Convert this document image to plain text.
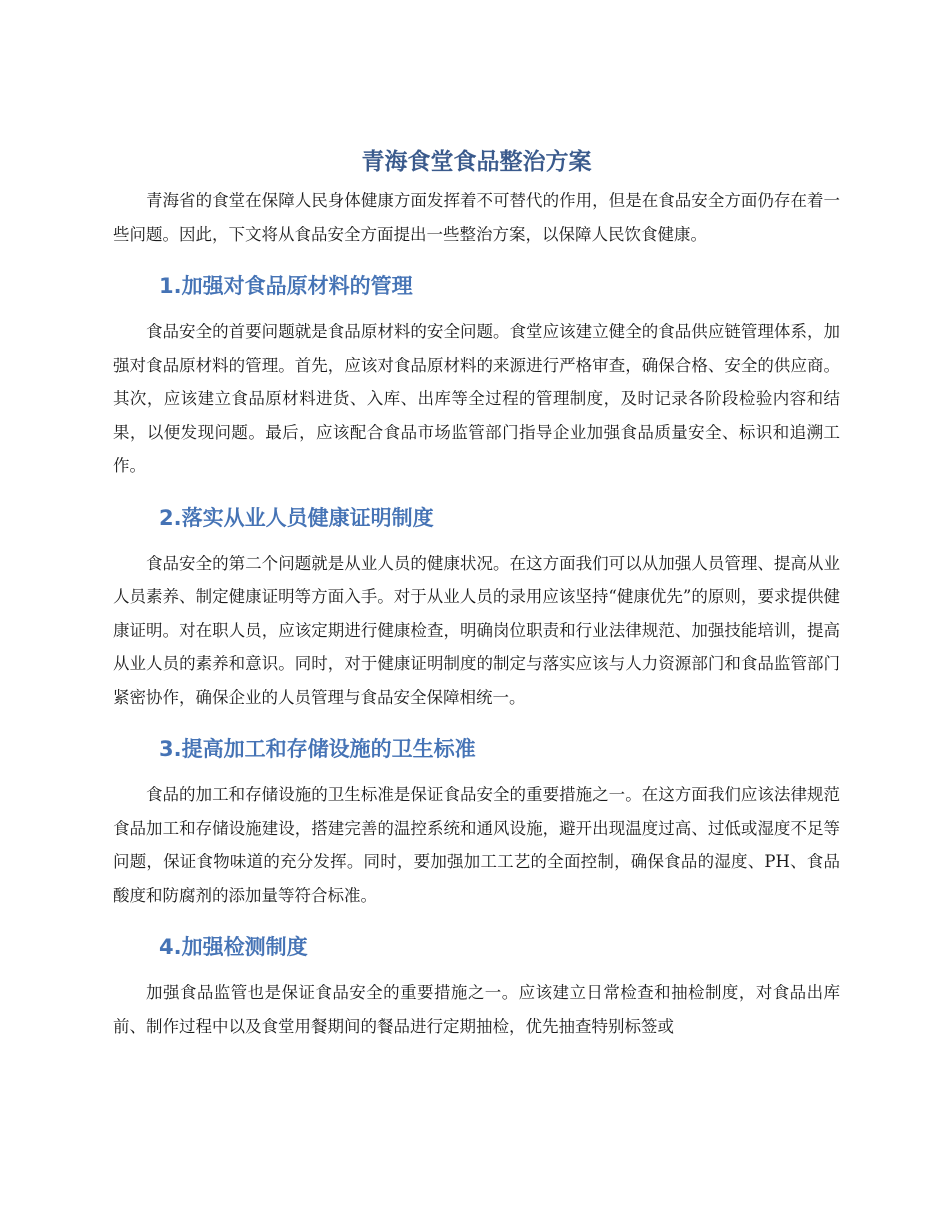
青海食堂食品整治方案

青海省的食堂在保障人民身体健康方面发挥着不可替代的作用，但是在食品安全方面仍存在着一些问题。因此，下文将从食品安全方面提出一些整治方案，以保障人民饮食健康。

1.加强对食品原材料的管理

食品安全的首要问题就是食品原材料的安全问题。食堂应该建立健全的食品供应链管理体系，加强对食品原材料的管理。首先，应该对食品原材料的来源进行严格审查，确保合格、安全的供应商。其次，应该建立食品原材料进货、入库、出库等全过程的管理制度，及时记录各阶段检验内容和结果，以便发现问题。最后，应该配合食品市场监管部门指导企业加强食品质量安全、标识和追溯工作。

2.落实从业人员健康证明制度

食品安全的第二个问题就是从业人员的健康状况。在这方面我们可以从加强人员管理、提高从业人员素养、制定健康证明等方面入手。对于从业人员的录用应该坚持“健康优先”的原则，要求提供健康证明。对在职人员，应该定期进行健康检查，明确岗位职责和行业法律规范、加强技能培训，提高从业人员的素养和意识。同时，对于健康证明制度的制定与落实应该与人力资源部门和食品监管部门紧密协作，确保企业的人员管理与食品安全保障相统一。

3.提高加工和存储设施的卫生标准

食品的加工和存储设施的卫生标准是保证食品安全的重要措施之一。在这方面我们应该法律规范食品加工和存储设施建设，搭建完善的温控系统和通风设施，避开出现温度过高、过低或湿度不足等问题，保证食物味道的充分发挥。同时，要加强加工工艺的全面控制，确保食品的湿度、PH、食品酸度和防腐剂的添加量等符合标准。

4.加强检测制度

加强食品监管也是保证食品安全的重要措施之一。应该建立日常检查和抽检制度，对食品出库前、制作过程中以及食堂用餐期间的餐品进行定期抽检，优先抽查特别标签或
